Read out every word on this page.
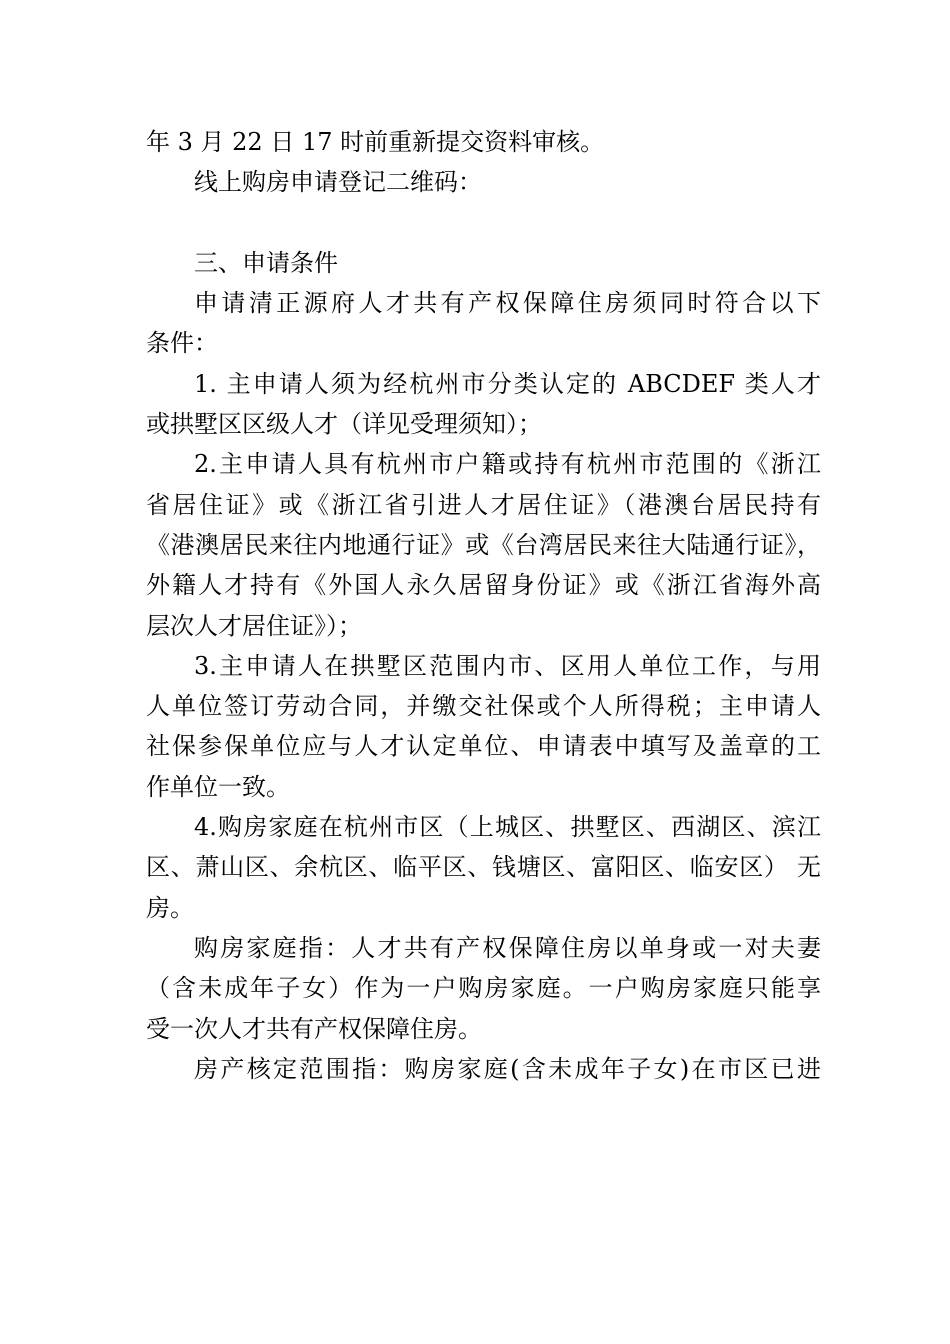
年 3 月 22 日 17 时前重新提交资料审核。
线上购房申请登记二维码：
三、申请条件
申请清正源府人才共有产权保障住房须同时符合以下
条件：
1. 主申请人须为经杭州市分类认定的 ABCDEF 类人才
或拱墅区区级人才（详见受理须知）；
2.主申请人具有杭州市户籍或持有杭州市范围的《浙江
省居住证》或《浙江省引进人才居住证》（港澳台居民持有
《港澳居民来往内地通行证》或《台湾居民来往大陆通行证》，
外籍人才持有《外国人永久居留身份证》或《浙江省海外高
层次人才居住证》）；
3.主申请人在拱墅区范围内市、区用人单位工作，与用
人单位签订劳动合同，并缴交社保或个人所得税；主申请人
社保参保单位应与人才认定单位、申请表中填写及盖章的工
作单位一致。
4.购房家庭在杭州市区（上城区、拱墅区、西湖区、滨江
区、萧山区、余杭区、临平区、钱塘区、富阳区、临安区） 无
房。
购房家庭指：人才共有产权保障住房以单身或一对夫妻
（含未成年子女）作为一户购房家庭。一户购房家庭只能享
受一次人才共有产权保障住房。
房产核定范围指：购房家庭(含未成年子女)在市区已进
